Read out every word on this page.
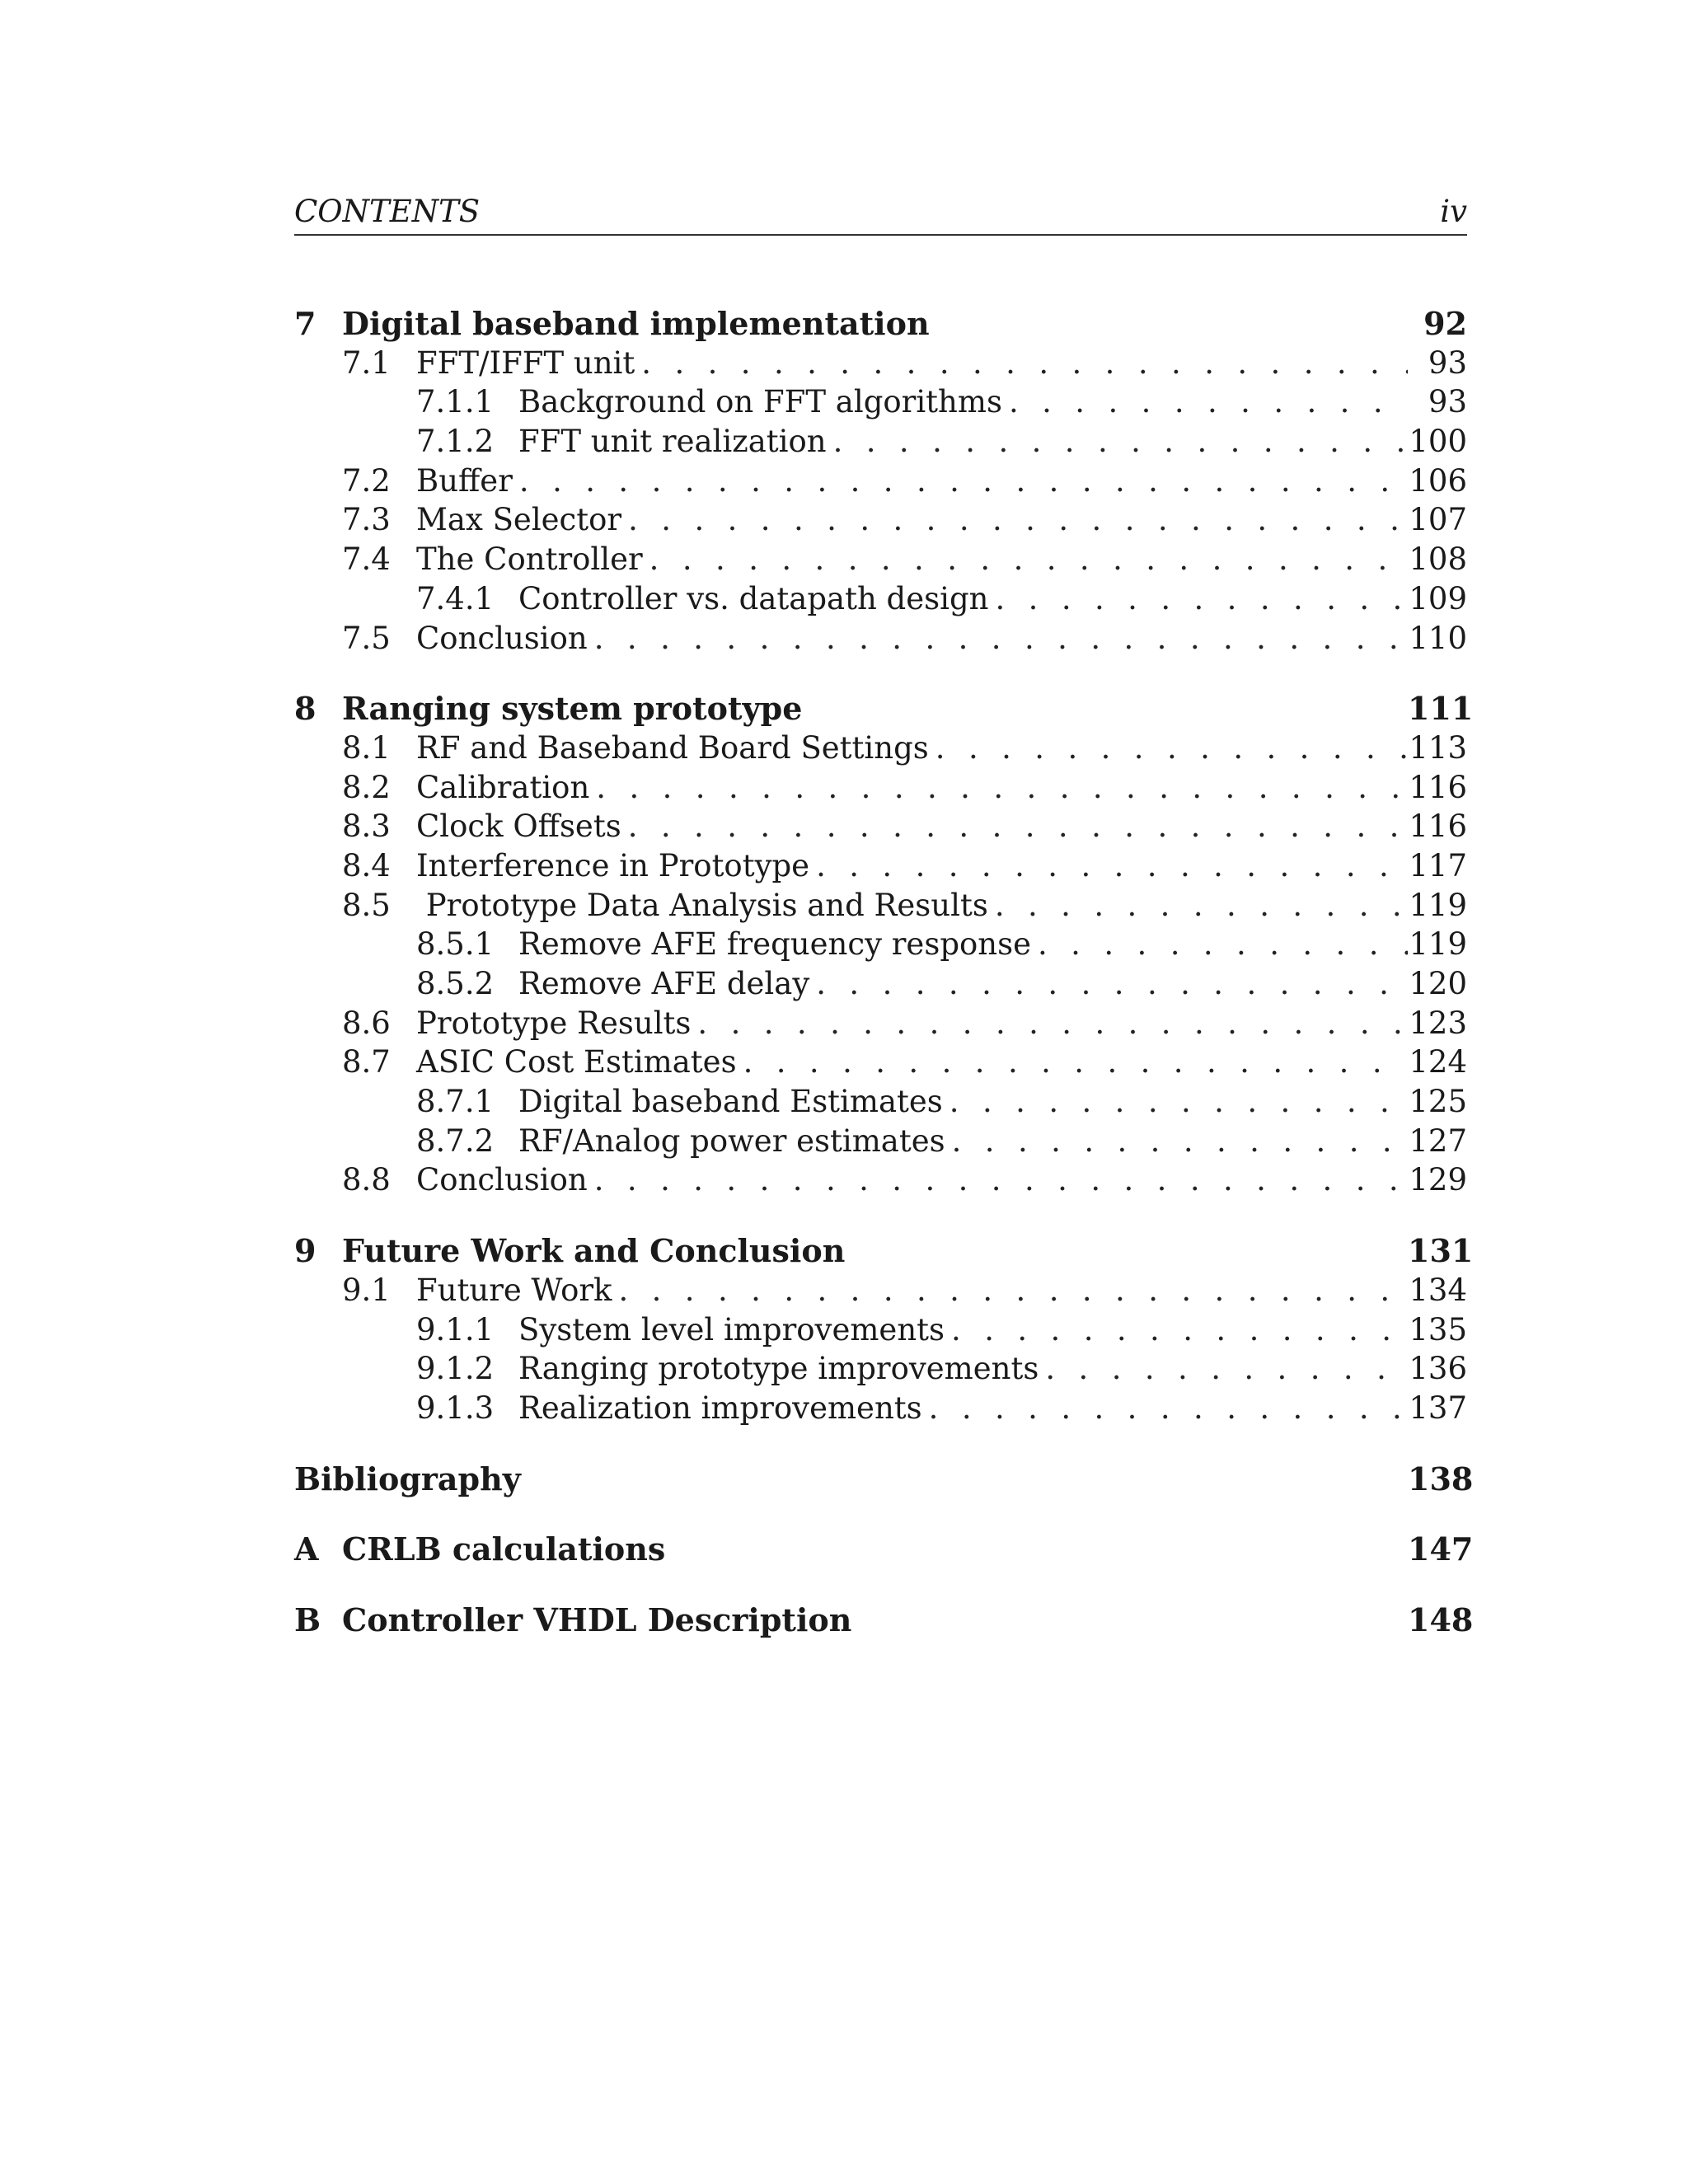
CONTENTS	iv
7 Digital baseband implementation	92
7.1 FFT/IFFT unit . . .	93
7.1.1 Background on FFT algorithms . . .	93
7.1.2 FFT unit realization . . .	100
7.2 Buffer . . .	106
7.3 Max Selector . . .	107
7.4 The Controller . . .	108
7.4.1 Controller vs. datapath design . . .	109
7.5 Conclusion . . .	110
8 Ranging system prototype	111
8.1 RF and Baseband Board Settings . . .	113
8.2 Calibration . . .	116
8.3 Clock Offsets . . .	116
8.4 Interference in Prototype . . .	117
8.5 Prototype Data Analysis and Results . . .	119
8.5.1 Remove AFE frequency response . . .	119
8.5.2 Remove AFE delay . . .	120
8.6 Prototype Results . . .	123
8.7 ASIC Cost Estimates . . .	124
8.7.1 Digital baseband Estimates . . .	125
8.7.2 RF/Analog power estimates . . .	127
8.8 Conclusion . . .	129
9 Future Work and Conclusion	131
9.1 Future Work . . .	134
9.1.1 System level improvements . . .	135
9.1.2 Ranging prototype improvements . . .	136
9.1.3 Realization improvements . . .	137
Bibliography	138
A CRLB calculations	147
B Controller VHDL Description	148
